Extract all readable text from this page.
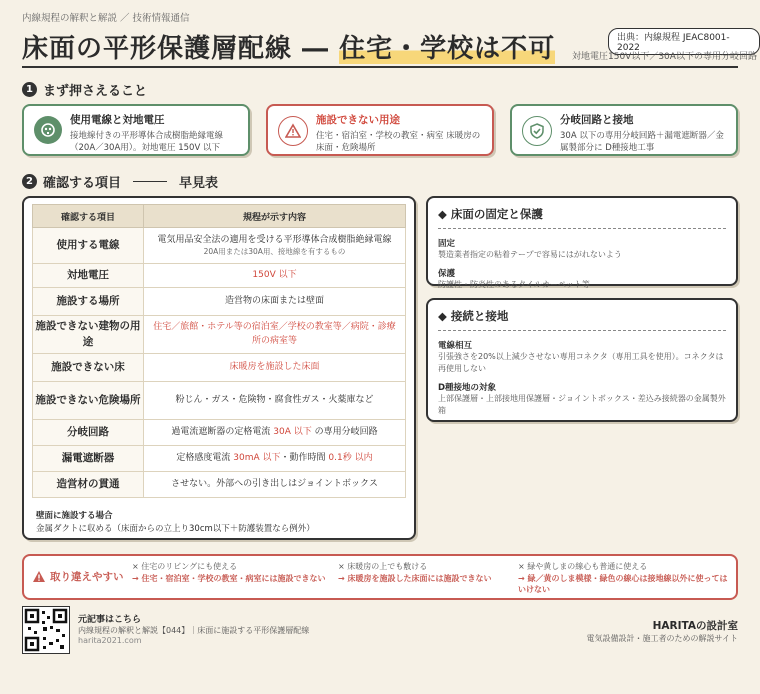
内線規程の解釈と解説 ／ 技術情報通信
床面の平形保護層配線 ― 住宅・学校は不可	出典：内線規程 JEAC8001-2022
対地電圧150V以下／30A以下の専用分岐回路
1 まず押さえること
使用電線と対地電圧
接地線付きの平形導体合成樹脂絶縁電線（20A／30A用）。対地電圧 150V 以下
施設できない用途
住宅・宿泊室・学校の教室・病室 床暖房の床面・危険場所
分岐回路と接地
30A 以下の専用分岐回路＋漏電遮断器／金属製部分に D種接地工事
2 確認する項目	早見表
確認する項目	規程が示す内容
使用する電線	電気用品安全法の適用を受ける平形導体合成樹脂絶縁電線
20A用または30A用、接地線を有するもの

対地電圧	150V 以下
施設する場所	造営物の床面または壁面
施設できない建物の用途	住宅／旅館・ホテル等の宿泊室／学校の教室等／病院・診療所の病室等
施設できない床	床暖房を施設した床面
施設できない危険場所	粉じん・ガス・危険物・腐食性ガス・火薬庫など
分岐回路	過電流遮断器の定格電流 30A 以下 の専用分岐回路
漏電遮断器	定格感度電流 30mA 以下・動作時間 0.1秒 以内
造営材の貫通	させない。外部への引き出しはジョイントボックス
壁面に施設する場合
金属ダクトに収める（床面からの立上り30cm以下＋防護装置なら例外）
◆ 床面の固定と保護
固定
製造業者指定の粘着テープで容易にはがれないよう
保護
防護性・防炎性のあるタイルカーペット等
◆ 接続と接地
電線相互
引張強さを20%以上減少させない専用コネクタ（専用工具を使用）。コネクタは再使用しない
D種接地の対象
上部保護層・上部接地用保護層・ジョイントボックス・差込み接続器の金属製外箱
取り違えやすい
× 住宅のリビングにも使える
→ 住宅・宿泊室・学校の教室・病室には施設できない
× 床暖房の上でも敷ける
→ 床暖房を施設した床面には施設できない
× 緑や黄しまの線心も普通に使える
→ 緑／黄のしま模様・緑色の線心は接地線以外に使ってはいけない
元記事はこちら
内線規程の解釈と解説【044】｜床面に施設する平形保護層配線
harita2021.com
HARITAの設計室
電気設備設計・施工者のための解説サイト
